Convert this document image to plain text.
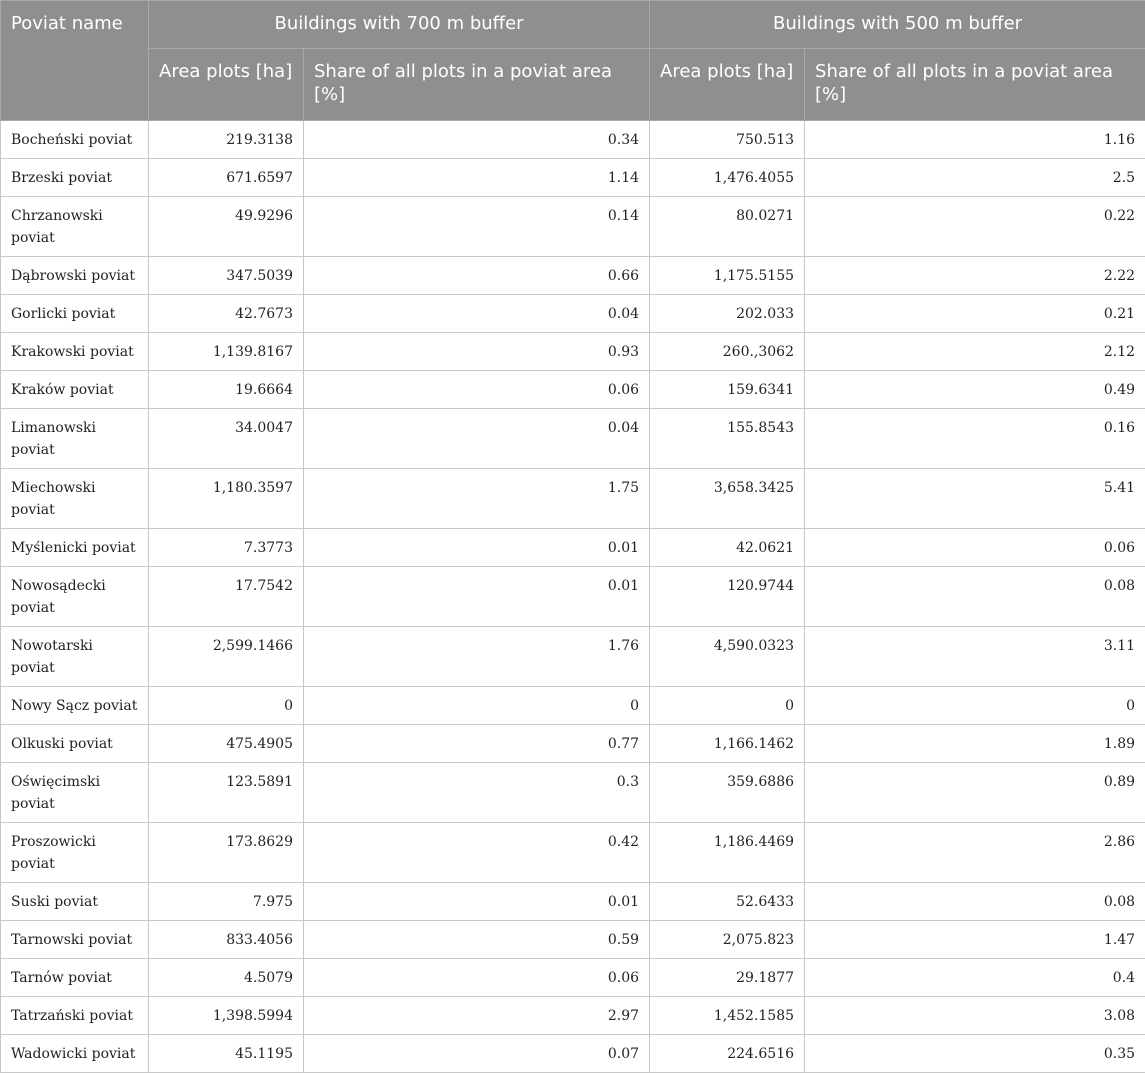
Poviat name	Buildings with 700 m buffer		Buildings with 500 m buffer	
	Area plots [ha]	Share of all plots in a poviat area [%]	Area plots [ha]	Share of all plots in a poviat area [%]
Bocheński poviat	219.3138	0.34	750.513	1.16
Brzeski poviat	671.6597	1.14	1,476.4055	2.5
Chrzanowski poviat	49.9296	0.14	80.0271	0.22
Dąbrowski poviat	347.5039	0.66	1,175.5155	2.22
Gorlicki poviat	42.7673	0.04	202.033	0.21
Krakowski poviat	1,139.8167	0.93	260.,3062	2.12
Kraków poviat	19.6664	0.06	159.6341	0.49
Limanowski poviat	34.0047	0.04	155.8543	0.16
Miechowski poviat	1,180.3597	1.75	3,658.3425	5.41
Myślenicki poviat	7.3773	0.01	42.0621	0.06
Nowosądecki poviat	17.7542	0.01	120.9744	0.08
Nowotarski poviat	2,599.1466	1.76	4,590.0323	3.11
Nowy Sącz poviat	0	0	0	0
Olkuski poviat	475.4905	0.77	1,166.1462	1.89
Oświęcimski poviat	123.5891	0.3	359.6886	0.89
Proszowicki poviat	173.8629	0.42	1,186.4469	2.86
Suski poviat	7.975	0.01	52.6433	0.08
Tarnowski poviat	833.4056	0.59	2,075.823	1.47
Tarnów poviat	4.5079	0.06	29.1877	0.4
Tatrzański poviat	1,398.5994	2.97	1,452.1585	3.08
Wadowicki poviat	45.1195	0.07	224.6516	0.35
